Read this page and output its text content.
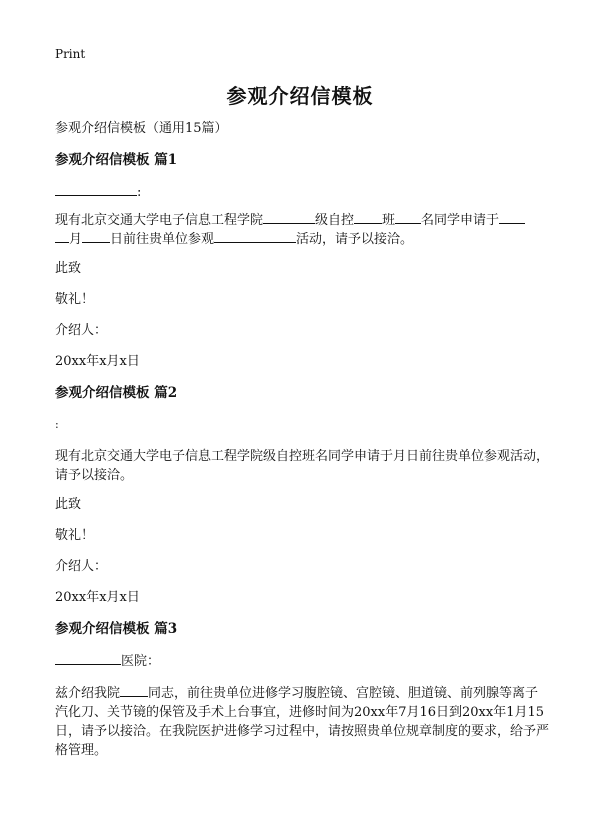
Print
参观介绍信模板
参观介绍信模板（通用15篇）
参观介绍信模板 篇1
:
现有北京交通大学电子信息工程学院	级自控 班 名同学申请于
月 日前往贵单位参观	活动，请予以接洽。
此致
敬礼！
介绍人：
20xx年x月x日
参观介绍信模板 篇2
:
现有北京交通大学电子信息工程学院级自控班名同学申请于月日前往贵单位参观活动，请予以接洽。
此致
敬礼！
介绍人：
20xx年x月x日
参观介绍信模板 篇3
医院：
兹介绍我院 同志，前往贵单位进修学习腹腔镜、宫腔镜、胆道镜、前列腺等离子汽化刀、关节镜的保管及手术上台事宜，进修时间为20xx年7月16日到20xx年1月15日，请予以接洽。在我院医护进修学习过程中，请按照贵单位规章制度的要求，给予严格管理。
